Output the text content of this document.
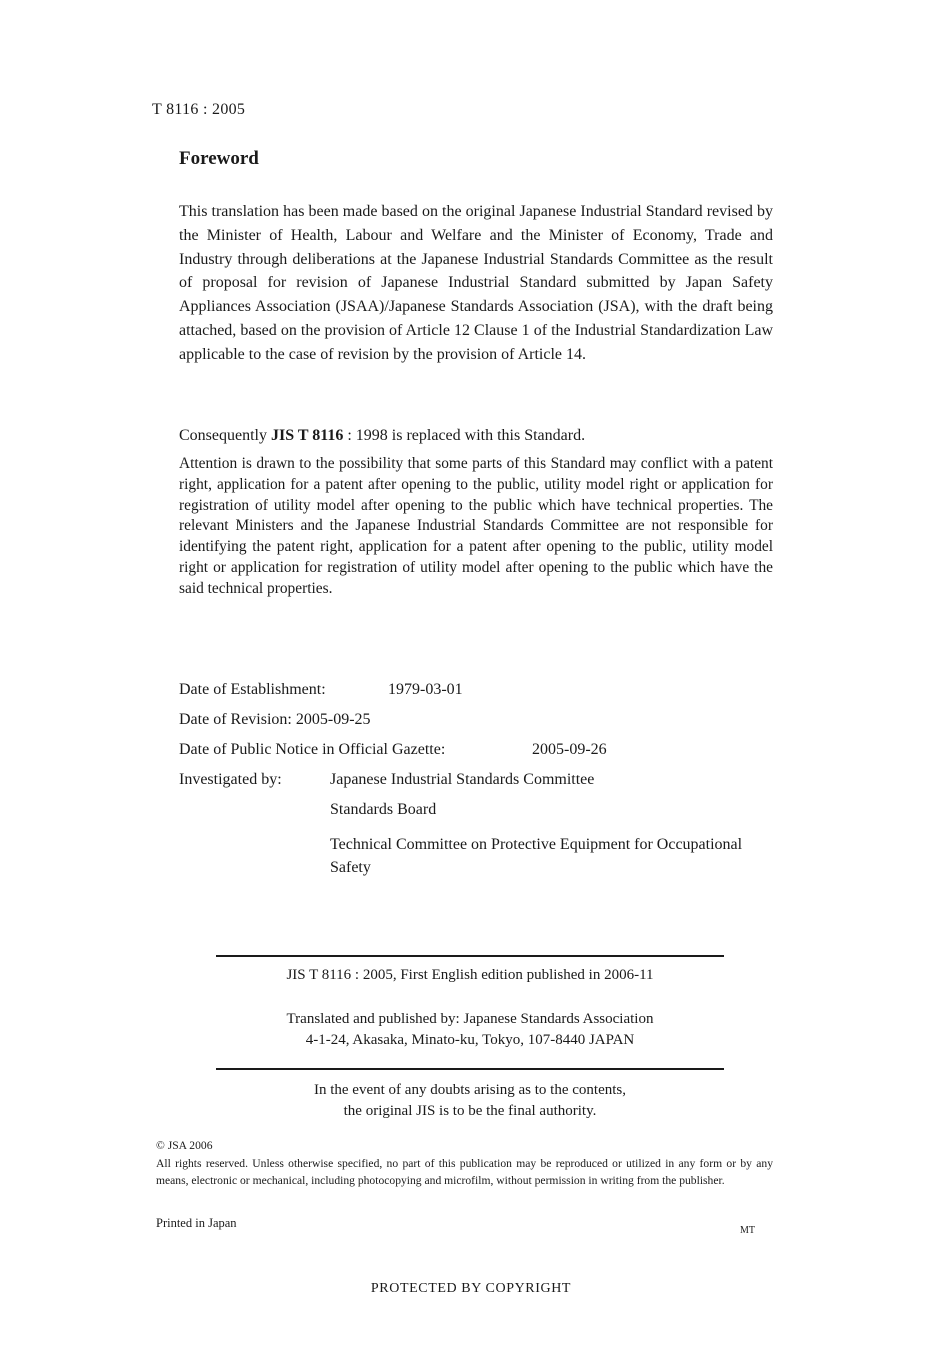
T 8116 : 2005
Foreword
This translation has been made based on the original Japanese Industrial Standard revised by the Minister of Health, Labour and Welfare and the Minister of Economy, Trade and Industry through deliberations at the Japanese Industrial Standards Committee as the result of proposal for revision of Japanese Industrial Standard submitted by Japan Safety Appliances Association (JSAA)/Japanese Standards Association (JSA), with the draft being attached, based on the provision of Article 12 Clause 1 of the Industrial Standardization Law applicable to the case of revision by the provision of Article 14.
Consequently JIS T 8116 : 1998 is replaced with this Standard.
Attention is drawn to the possibility that some parts of this Standard may conflict with a patent right, application for a patent after opening to the public, utility model right or application for registration of utility model after opening to the public which have technical properties. The relevant Ministers and the Japanese Industrial Standards Committee are not responsible for identifying the patent right, application for a patent after opening to the public, utility model right or application for registration of utility model after opening to the public which have the said technical properties.
Date of Establishment:	1979-03-01
Date of Revision: 2005-09-25
Date of Public Notice in Official Gazette:	2005-09-26
Investigated by:	Japanese Industrial Standards Committee
Standards Board
Technical Committee on Protective Equipment for Occupational Safety
JIS T 8116 : 2005, First English edition published in 2006-11
Translated and published by: Japanese Standards Association
4-1-24, Akasaka, Minato-ku, Tokyo, 107-8440 JAPAN
In the event of any doubts arising as to the contents,
the original JIS is to be the final authority.
© JSA 2006
All rights reserved. Unless otherwise specified, no part of this publication may be reproduced or utilized in any form or by any means, electronic or mechanical, including photocopying and microfilm, without permission in writing from the publisher.
Printed in Japan
MT
PROTECTED BY COPYRIGHT
